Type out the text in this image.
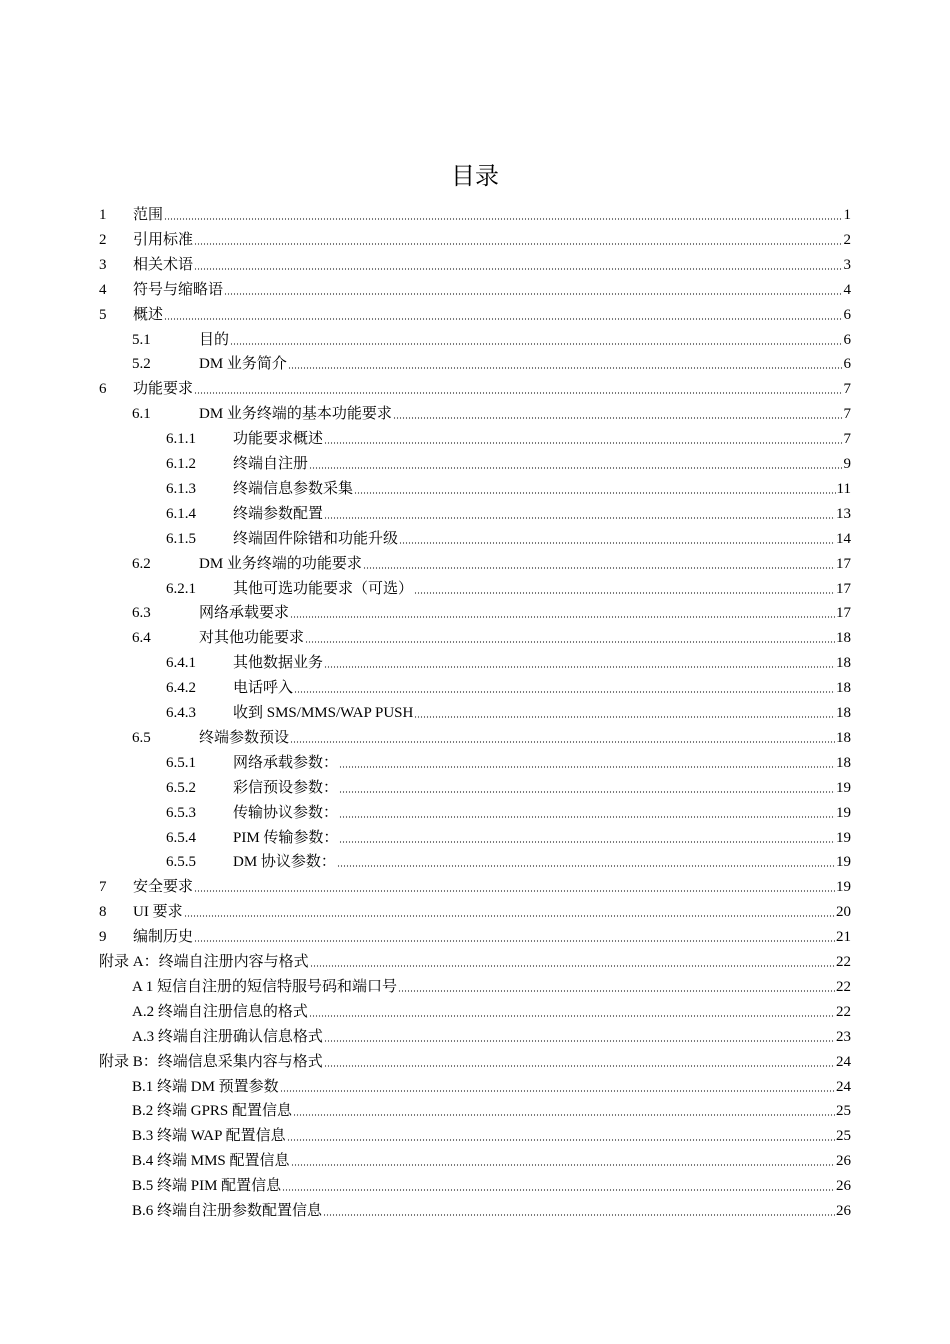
目录
1	范围	1
2	引用标准	2
3	相关术语	3
4	符号与缩略语	4
5	概述	6
5.1	目的	6
5.2	DM 业务简介	6
6	功能要求	7
6.1	DM 业务终端的基本功能要求	7
6.1.1	功能要求概述	7
6.1.2	终端自注册	9
6.1.3	终端信息参数采集	11
6.1.4	终端参数配置	13
6.1.5	终端固件除错和功能升级	14
6.2	DM 业务终端的功能要求	17
6.2.1	其他可选功能要求（可选）	17
6.3	网络承载要求	17
6.4	对其他功能要求	18
6.4.1	其他数据业务	18
6.4.2	电话呼入	18
6.4.3	收到 SMS/MMS/WAP PUSH	18
6.5	终端参数预设	18
6.5.1	网络承载参数：	18
6.5.2	彩信预设参数：	19
6.5.3	传输协议参数：	19
6.5.4	PIM 传输参数：	19
6.5.5	DM 协议参数：	19
7	安全要求	19
8	UI 要求	20
9	编制历史	21
附录 A：终端自注册内容与格式	22
A 1 短信自注册的短信特服号码和端口号	22
A.2 终端自注册信息的格式	22
A.3 终端自注册确认信息格式	23
附录 B：终端信息采集内容与格式	24
B.1 终端 DM 预置参数	24
B.2 终端 GPRS 配置信息	25
B.3 终端 WAP 配置信息	25
B.4 终端 MMS 配置信息	26
B.5 终端 PIM 配置信息	26
B.6 终端自注册参数配置信息	26
